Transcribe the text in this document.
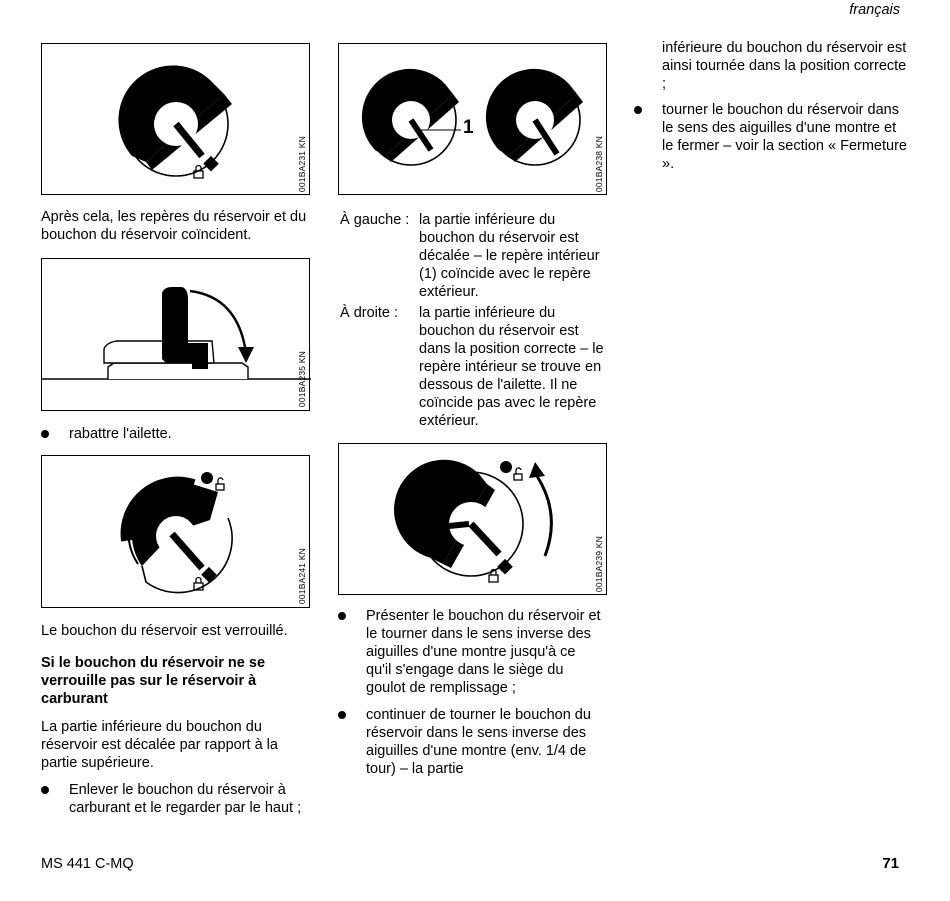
français
001BA231 KN

Après cela, les repères du réservoir et du bouchon du réservoir coïncident.

001BA235 KN
rabattre l'ailette.
001BA241 KN

Le bouchon du réservoir est verrouillé.

Si le bouchon du réservoir ne se verrouille pas sur le réservoir à carburant

La partie inférieure du bouchon du réservoir est décalée par rapport à la partie supérieure.

Enlever le bouchon du réservoir à carburant et le regarder par le haut ;
1
001BA238 KN
À gauche : la partie inférieure du bouchon du réservoir est décalée – le repère intérieur (1) coïncide avec le repère extérieur.
À droite :	la partie inférieure du bouchon du réservoir est dans la position correcte – le repère intérieur se trouve en dessous de l'ailette. Il ne coïncide pas avec le repère extérieur.
001BA239 KN
Présenter le bouchon du réservoir et le tourner dans le sens inverse des aiguilles d'une montre jusqu'à ce qu'il s'engage dans le siège du goulot de remplissage ;
continuer de tourner le bouchon du réservoir dans le sens inverse des aiguilles d'une montre (env. 1/4 de tour) – la partie

inférieure du bouchon du réservoir est ainsi tournée dans la position correcte ;

tourner le bouchon du réservoir dans le sens des aiguilles d'une montre et le fermer – voir la section « Fermeture ».
MS 441 C-MQ	71
